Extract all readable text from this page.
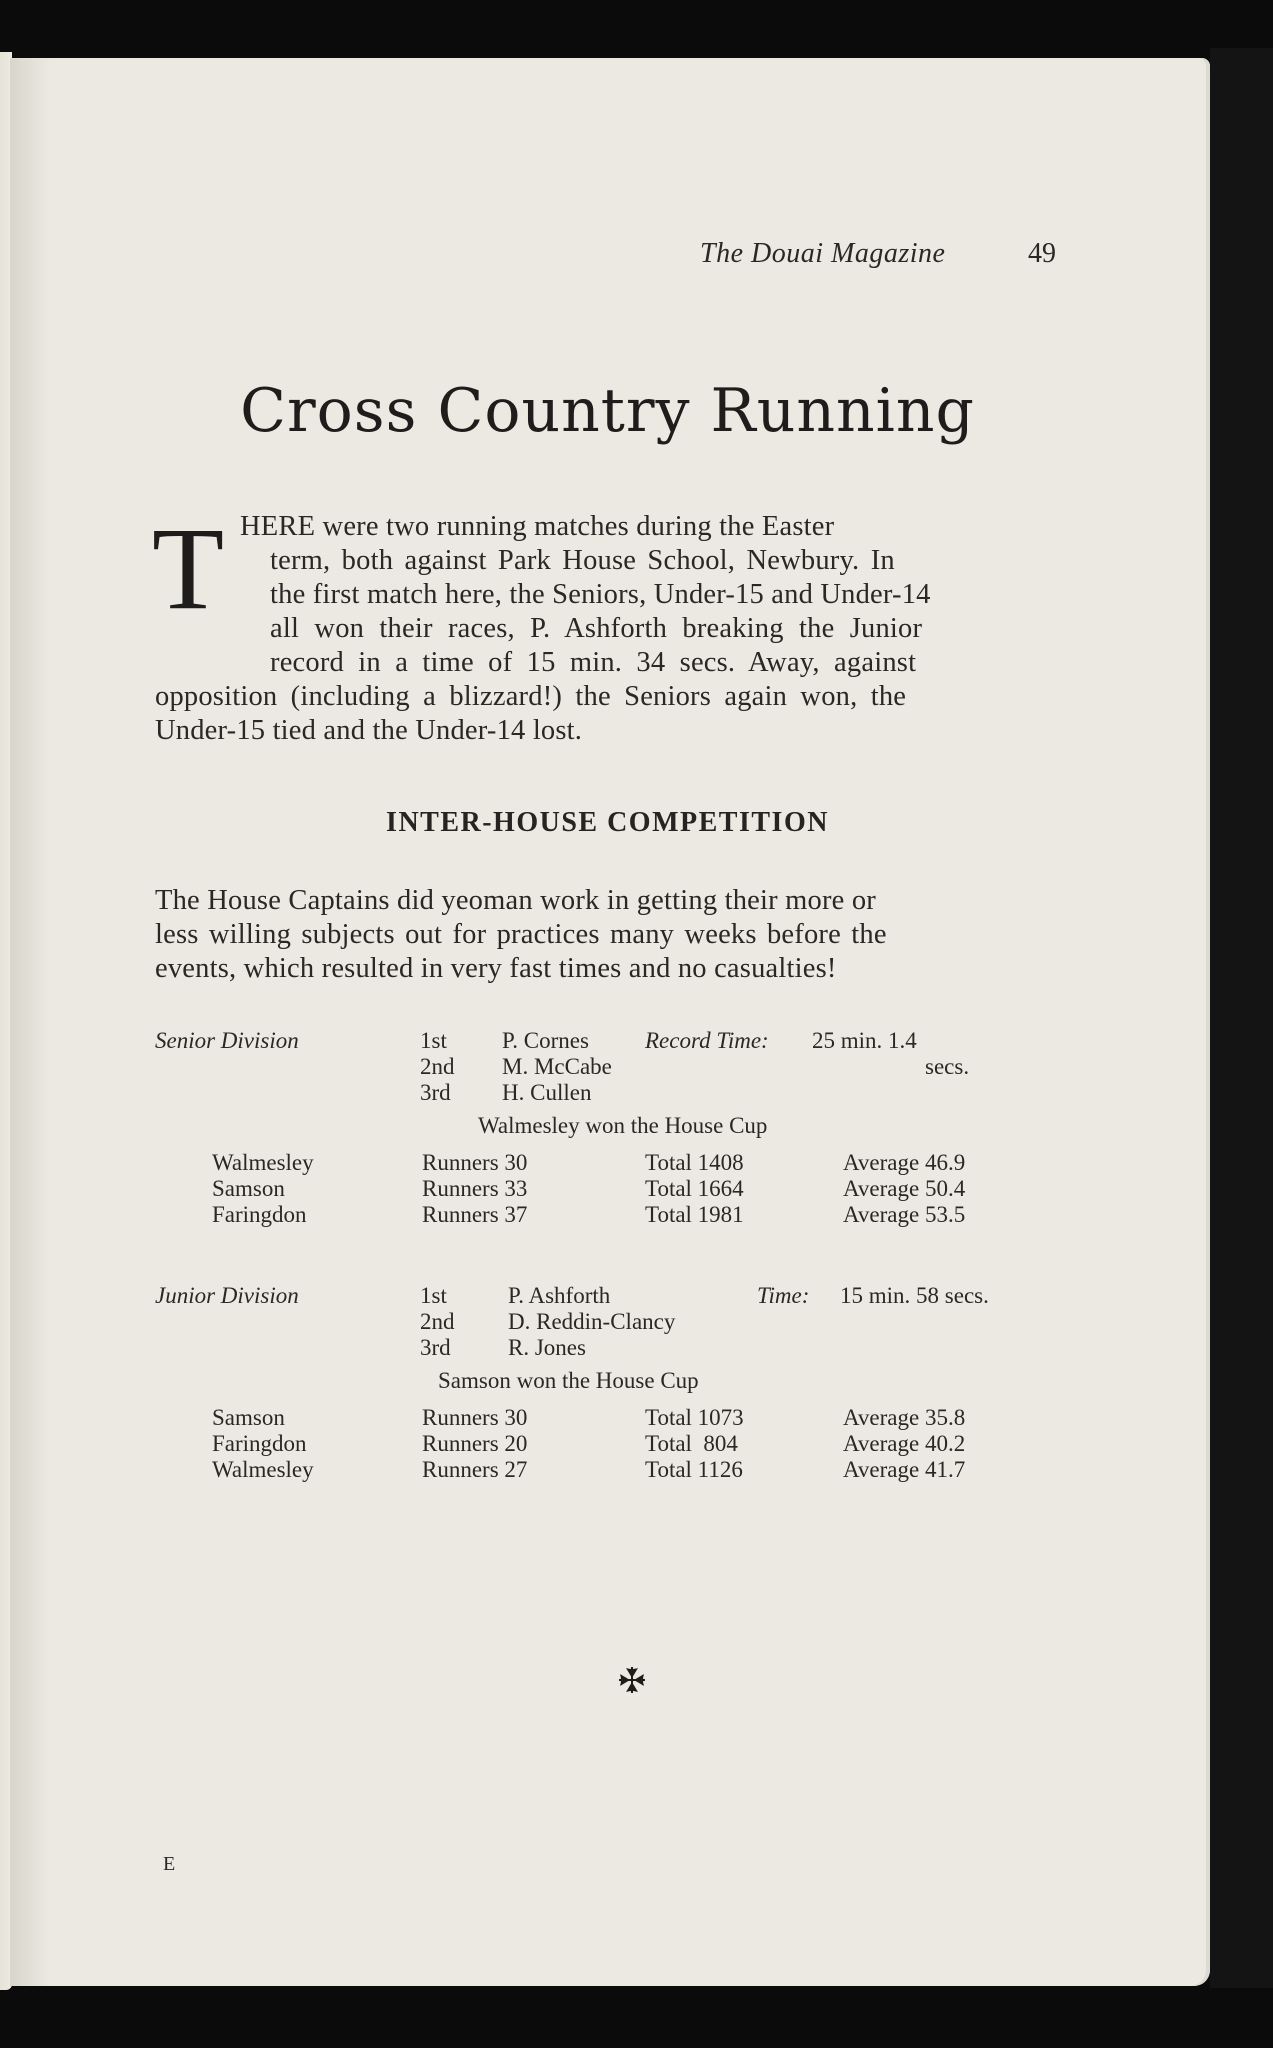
The Douai Magazine	49
Cross Country Running
T HERE were two running matches during the Easter
term, both against Park House School, Newbury. In
the first match here, the Seniors, Under-15 and Under-14
all won their races, P. Ashforth breaking the Junior
record in a time of 15 min. 34 secs. Away, against
opposition (including a blizzard!) the Seniors again won, the
Under-15 tied and the Under-14 lost.
INTER-HOUSE COMPETITION
The House Captains did yeoman work in getting their more or
less willing subjects out for practices many weeks before the
events, which resulted in very fast times and no casualties!
Senior Division	1st P. Cornes
2nd M. McCabe
3rd H. Cullen
Record Time: 25 min. 1.4
secs.
Walmesley won the House Cup
Walmesley	Runners 30	Total 1408	Average 46.9
Samson	Runners 33	Total 1664	Average 50.4
Faringdon	Runners 37	Total 1981	Average 53.5
Junior Division	1st	P. Ashforth
2nd D. Reddin-Clancy
3rd R. Jones
Time: 15 min. 58 secs.
Samson won the House Cup
Samson	Runners 30	Total 1073	Average 35.8
Faringdon	Runners 20	Total  804	Average 40.2
Walmesley	Runners 27	Total 1126	Average 41.7
E
